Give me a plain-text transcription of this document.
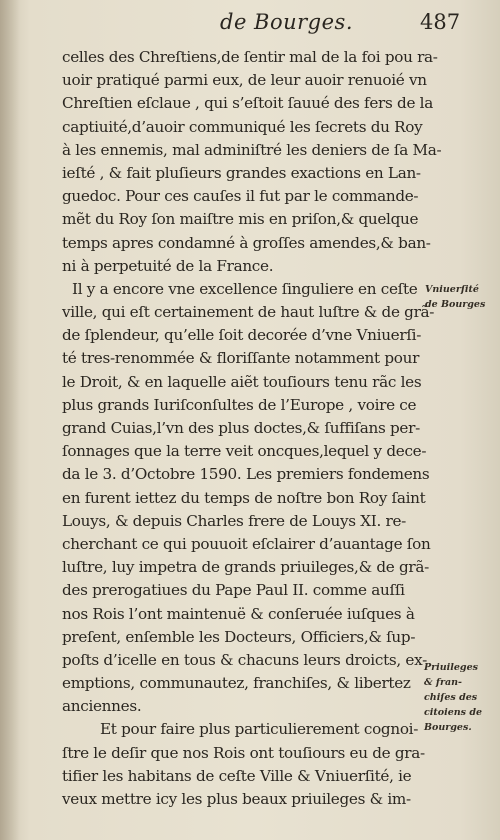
de Bourges.	487
celles des Chreſtiens,de ſentir mal de la foi pou ra-
uoir pratiqué parmi eux, de leur auoir renuoié vn
Chreſtien eſclaue , qui s’eſtoit ſauué des fers de la
captiuité,d’auoir communiqué les ſecrets du Roy
à les ennemis, mal adminiſtré les deniers de ſa Ma-
ieſté , & fait pluſieurs grandes exactions en Lan-
guedoc. Pour ces cauſes il fut par le commande-
mẽt du Roy ſon maiſtre mis en priſon,& quelque
temps apres condamné à groſſes amendes,& ban-
ni à perpetuité de la France.
Il y a encore vne excellence ſinguliere en ceſte
ville, qui eſt certainement de haut luſtre & de grã-
de ſplendeur, qu’elle ſoit decorée d’vne Vniuerſi-
té tres-renommée & floriſſante notamment pour
le Droit, & en laquelle aiẽt touſiours tenu rãc les
plus grands Iuriſconſultes de l’Europe , voire ce
grand Cuias,l’vn des plus doctes,& ſuffiſans per-
ſonnages que la terre veit oncques,lequel y dece-
da le 3. d’Octobre 1590. Les premiers fondemens
en furent iettez du temps de noſtre bon Roy ſaint
Louys, & depuis Charles frere de Louys XI. re-
cherchant ce qui pouuoit eſclairer d’auantage ſon
luſtre, luy impetra de grands priuileges,& de grã-
des prerogatiues du Pape Paul II. comme auſſi
nos Rois l’ont maintenuë & conſeruée iuſques à
preſent, enſemble les Docteurs, Officiers,& ſup-
poſts d’icelle en tous & chacuns leurs droicts, ex-
emptions, communautez, franchiſes, & libertez
anciennes.
Et pour faire plus particulierement cognoi-
ſtre le deſir que nos Rois ont touſiours eu de gra-
tifier les habitans de ceſte Ville & Vniuerſité, ie
veux mettre icy les plus beaux priuileges & im-
Vniuerſité
de Bourges
Priuileges
& fran-
chiſes des
citoiens de
Bourges.
